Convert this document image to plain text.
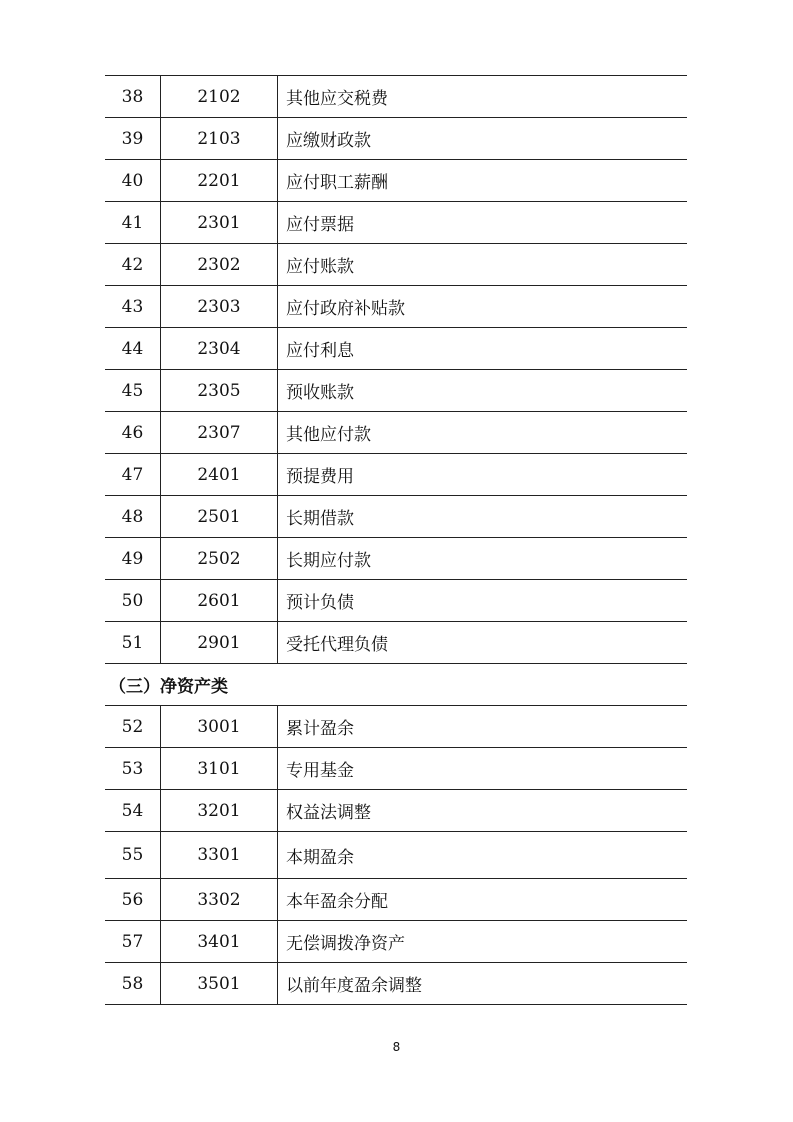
38	2102	其他应交税费
39	2103	应缴财政款
40	2201	应付职工薪酬
41	2301	应付票据
42	2302	应付账款
43	2303	应付政府补贴款
44	2304	应付利息
45	2305	预收账款
46	2307	其他应付款
47	2401	预提费用
48	2501	长期借款
49	2502	长期应付款
50	2601	预计负债
51	2901	受托代理负债
（三）净资产类
52	3001	累计盈余
53	3101	专用基金
54	3201	权益法调整
55	3301	本期盈余
56	3302	本年盈余分配
57	3401	无偿调拨净资产
58	3501	以前年度盈余调整
8
